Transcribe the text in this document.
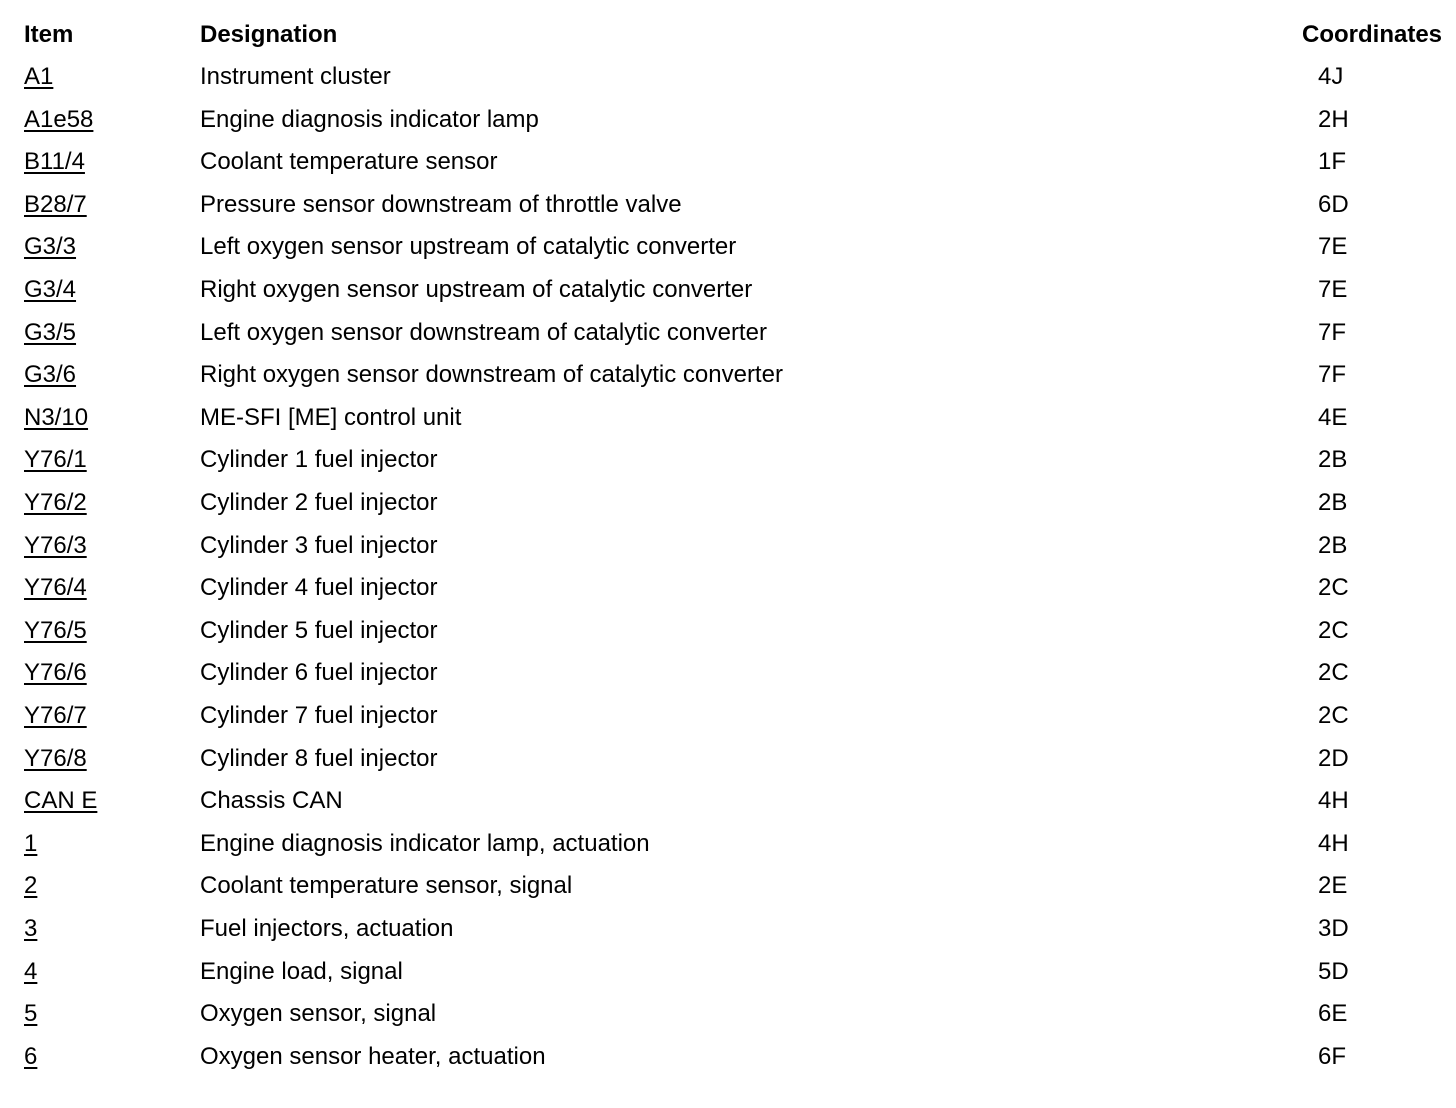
Item	Designation	Coordinates
A1	Instrument cluster	4J
A1e58	Engine diagnosis indicator lamp	2H
B11/4	Coolant temperature sensor	1F
B28/7	Pressure sensor downstream of throttle valve	6D
G3/3	Left oxygen sensor upstream of catalytic converter	7E
G3/4	Right oxygen sensor upstream of catalytic converter	7E
G3/5	Left oxygen sensor downstream of catalytic converter	7F
G3/6	Right oxygen sensor downstream of catalytic converter	7F
N3/10	ME-SFI [ME] control unit	4E
Y76/1	Cylinder 1 fuel injector	2B
Y76/2	Cylinder 2 fuel injector	2B
Y76/3	Cylinder 3 fuel injector	2B
Y76/4	Cylinder 4 fuel injector	2C
Y76/5	Cylinder 5 fuel injector	2C
Y76/6	Cylinder 6 fuel injector	2C
Y76/7	Cylinder 7 fuel injector	2C
Y76/8	Cylinder 8 fuel injector	2D
CAN E	Chassis CAN	4H
1	Engine diagnosis indicator lamp, actuation	4H
2	Coolant temperature sensor, signal	2E
3	Fuel injectors, actuation	3D
4	Engine load, signal	5D
5	Oxygen sensor, signal	6E
6	Oxygen sensor heater, actuation	6F
